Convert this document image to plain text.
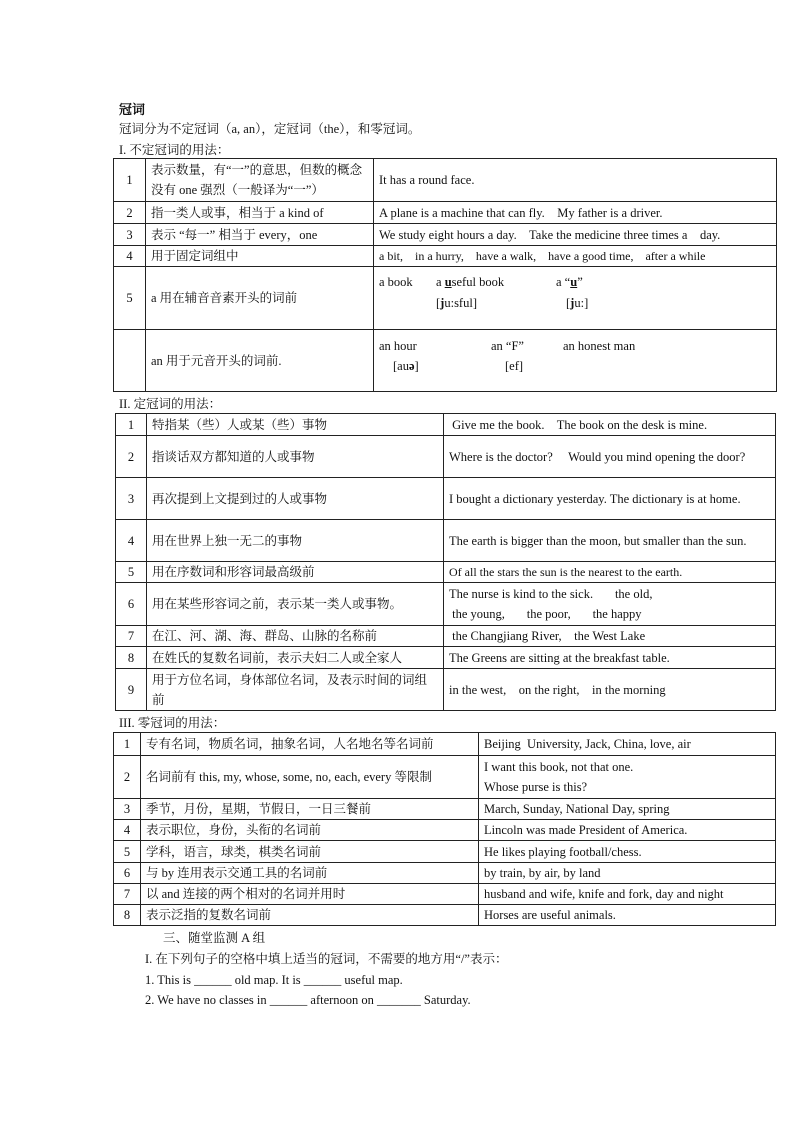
冠词
冠词分为不定冠词（a, an），定冠词（the），和零冠词。
I. 不定冠词的用法：
1	表示数量，有“一”的意思，但数的概念没有 one 强烈（一般译为“一”）	It has a round face.
2	指一类人或事，相当于 a kind of	A plane is a machine that can fly.    My father is a driver.
3	表示 “每一” 相当于 every，one	We study eight hours a day.    Take the medicine three times a    day.
4	用于固定词组中	a bit,    in a hurry,    have a walk,    have a good time,    after a while
5	a 用在辅音音素开头的词前	a book a useful book a “u”
[ju:sful] [ju:]

	an 用于元音开头的词前.	an hour an “F” an honest man
[auə] [ef]
II. 定冠词的用法：
1	特指某（些）人或某（些）事物	Give me the book.    The book on the desk is mine.
2	指谈话双方都知道的人或事物	Where is the doctor?     Would you mind opening the door?
3	再次提到上文提到过的人或事物	I bought a dictionary yesterday. The dictionary is at home.
4	用在世界上独一无二的事物	The earth is bigger than the moon, but smaller than the sun.
5	用在序数词和形容词最高级前	Of all the stars the sun is the nearest to the earth.
6	用在某些形容词之前，表示某一类人或事物。	The nurse is kind to the sick.       the old,
the young,       the poor,       the happy

7	在江、河、湖、海、群岛、山脉的名称前	the Changjiang River,    the West Lake
8	在姓氏的复数名词前，表示夫妇二人或全家人	The Greens are sitting at the breakfast table.
9	用于方位名词，身体部位名词，及表示时间的词组前	in the west,    on the right,    in the morning
III. 零冠词的用法：
1	专有名词，物质名词，抽象名词，人名地名等名词前	Beijing  University, Jack, China, love, air
2	名词前有 this, my, whose, some, no, each, every 等限制	I want this book, not that one.
Whose purse is this?

3	季节，月份，星期，节假日，一日三餐前	March, Sunday, National Day, spring
4	表示职位，身份，头衔的名词前	Lincoln was made President of America.
5	学科，语言，球类，棋类名词前	He likes playing football/chess.
6	与 by 连用表示交通工具的名词前	by train, by air, by land
7	以 and 连接的两个相对的名词并用时	husband and wife, knife and fork, day and night
8	表示泛指的复数名词前	Horses are useful animals.
三、随堂监测 A 组
I. 在下列句子的空格中填上适当的冠词，不需要的地方用“/”表示：
1. This is ______ old map. It is ______ useful map.
2. We have no classes in ______ afternoon on _______ Saturday.
